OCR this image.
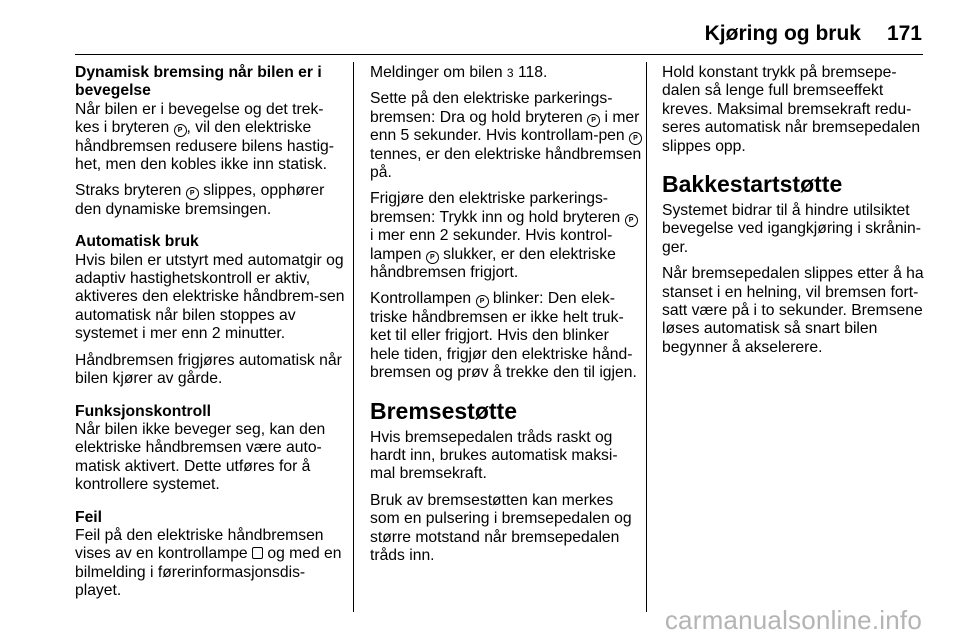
Kjøring og bruk 171
Dynamisk bremsing når bilen er i bevegelse

Når bilen er i bevegelse og det trek-kes i bryteren P , vil den elektriske håndbremsen redusere bilens hastig-het, men den kobles ikke inn statisk.

Straks bryteren P slippes, opphører den dynamiske bremsingen.

Automatisk bruk

Hvis bilen er utstyrt med automatgir og adaptiv hastighetskontroll er aktiv, aktiveres den elektriske håndbrem-sen automatisk når bilen stoppes av systemet i mer enn 2 minutter.

Håndbremsen frigjøres automatisk når bilen kjører av gårde.

Funksjonskontroll

Når bilen ikke beveger seg, kan den elektriske håndbremsen være auto-matisk aktivert. Dette utføres for å kontrollere systemet.

Feil

Feil på den elektriske håndbremsen vises av en kontrollampe  og med en bilmelding i førerinformasjonsdis-playet.

Meldinger om bilen 3 118.

Sette på den elektriske parkerings-bremsen: Dra og hold bryteren P i mer enn 5 sekunder. Hvis kontrollam-pen P tennes, er den elektriske håndbremsen på.

Frigjøre den elektriske parkerings-bremsen: Trykk inn og hold bryteren P i mer enn 2 sekunder. Hvis kontrol-lampen P slukker, er den elektriske håndbremsen frigjort.

Kontrollampen P blinker: Den elek-triske håndbremsen er ikke helt truk-ket til eller frigjort. Hvis den blinker hele tiden, frigjør den elektriske hånd-bremsen og prøv å trekke den til igjen.

Bremsestøtte

Hvis bremsepedalen tråds raskt og hardt inn, brukes automatisk maksi-mal bremsekraft.

Bruk av bremsestøtten kan merkes som en pulsering i bremsepedalen og større motstand når bremsepedalen tråds inn.

Hold konstant trykk på bremsepe-dalen så lenge full bremseeffekt kreves. Maksimal bremsekraft redu-seres automatisk når bremsepedalen slippes opp.

Bakkestartstøtte

Systemet bidrar til å hindre utilsiktet bevegelse ved igangkjøring i skrånin-ger.

Når bremsepedalen slippes etter å ha stanset i en helning, vil bremsen fort-satt være på i to sekunder. Bremsene løses automatisk så snart bilen begynner å akselerere.

carmanualsonline.info
